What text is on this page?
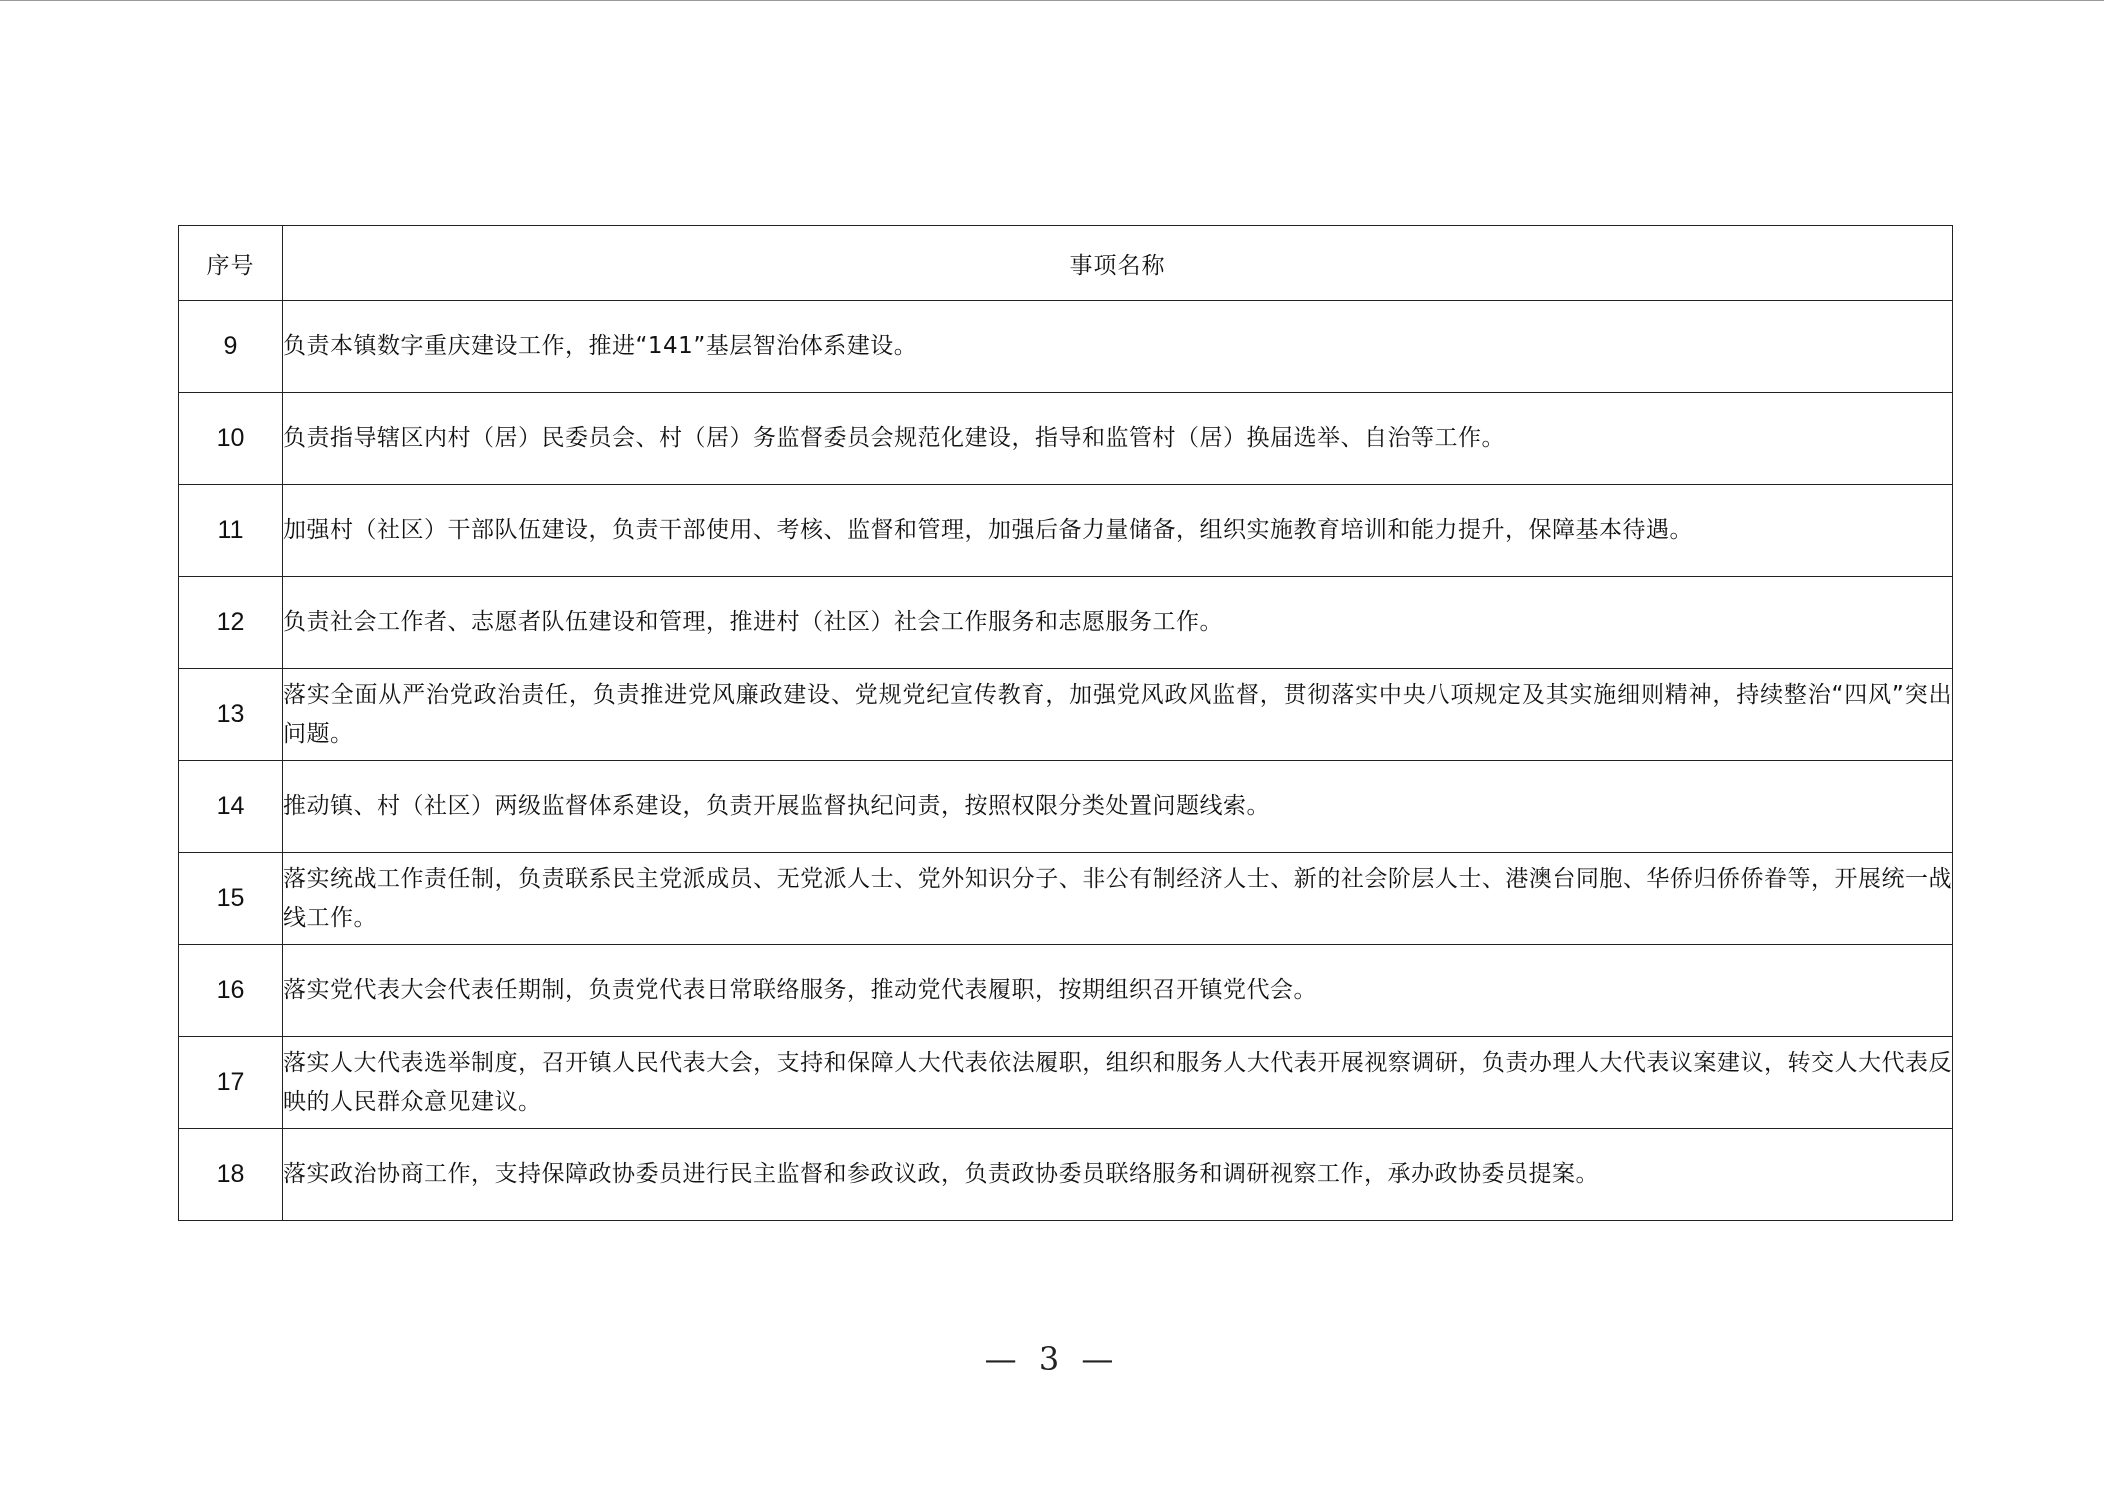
序号	事项名称
9	负责本镇数字重庆建设工作，推进“141”基层智治体系建设。
10	负责指导辖区内村（居）民委员会、村（居）务监督委员会规范化建设，指导和监管村（居）换届选举、自治等工作。
11	加强村（社区）干部队伍建设，负责干部使用、考核、监督和管理，加强后备力量储备，组织实施教育培训和能力提升，保障基本待遇。
12	负责社会工作者、志愿者队伍建设和管理，推进村（社区）社会工作服务和志愿服务工作。
13	落实全面从严治党政治责任，负责推进党风廉政建设、党规党纪宣传教育，加强党风政风监督，贯彻落实中央八项规定及其实施细则精神，持续整治“四风”突出问题。
14	推动镇、村（社区）两级监督体系建设，负责开展监督执纪问责，按照权限分类处置问题线索。
15	落实统战工作责任制，负责联系民主党派成员、无党派人士、党外知识分子、非公有制经济人士、新的社会阶层人士、港澳台同胞、华侨归侨侨眷等，开展统一战线工作。
16	落实党代表大会代表任期制，负责党代表日常联络服务，推动党代表履职，按期组织召开镇党代会。
17	落实人大代表选举制度，召开镇人民代表大会，支持和保障人大代表依法履职，组织和服务人大代表开展视察调研，负责办理人大代表议案建议，转交人大代表反映的人民群众意见建议。
18	落实政治协商工作，支持保障政协委员进行民主监督和参政议政，负责政协委员联络服务和调研视察工作，承办政协委员提案。
— 3 —
